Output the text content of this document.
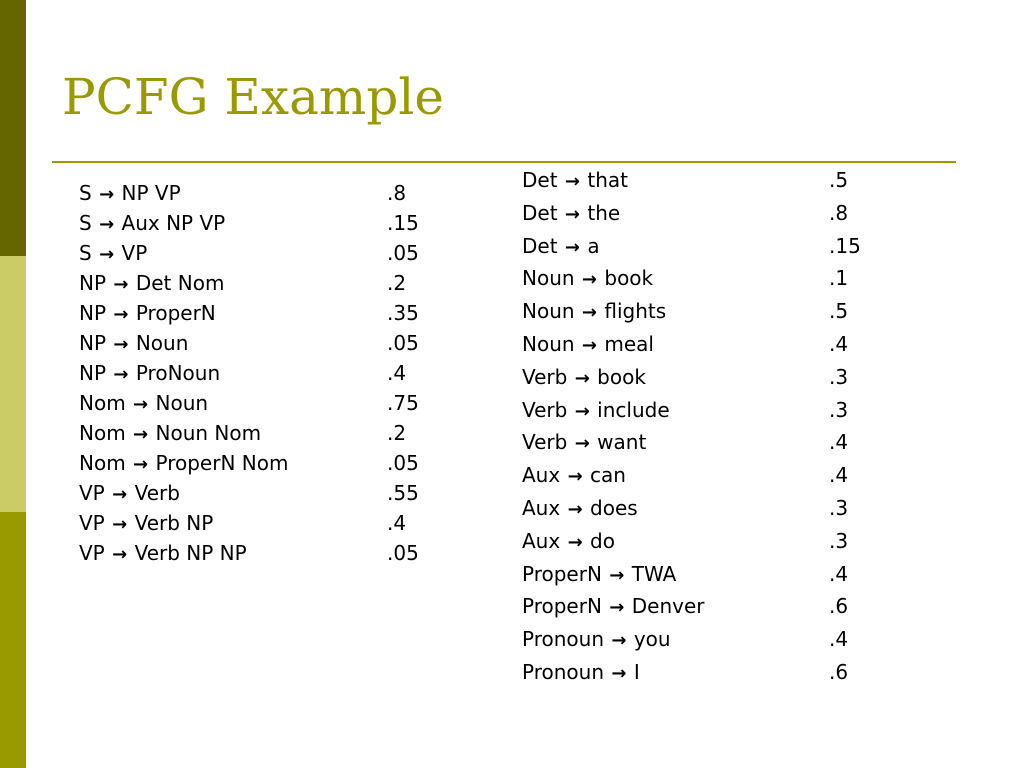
PCFG Example
S → NP VP	.8
S → Aux NP VP	.15
S → VP	.05
NP → Det Nom	.2
NP → ProperN	.35
NP → Noun	.05
NP → ProNoun	.4
Nom → Noun	.75
Nom → Noun Nom	.2
Nom → ProperN Nom	.05
VP → Verb	.55
VP → Verb NP	.4
VP → Verb NP NP	.05
Det → that	.5
Det → the	.8
Det → a	.15
Noun → book	.1
Noun → flights	.5
Noun → meal	.4
Verb → book	.3
Verb → include	.3
Verb → want	.4
Aux → can	.4
Aux → does	.3
Aux → do	.3
ProperN → TWA	.4
ProperN → Denver	.6
Pronoun → you	.4
Pronoun → I	.6
